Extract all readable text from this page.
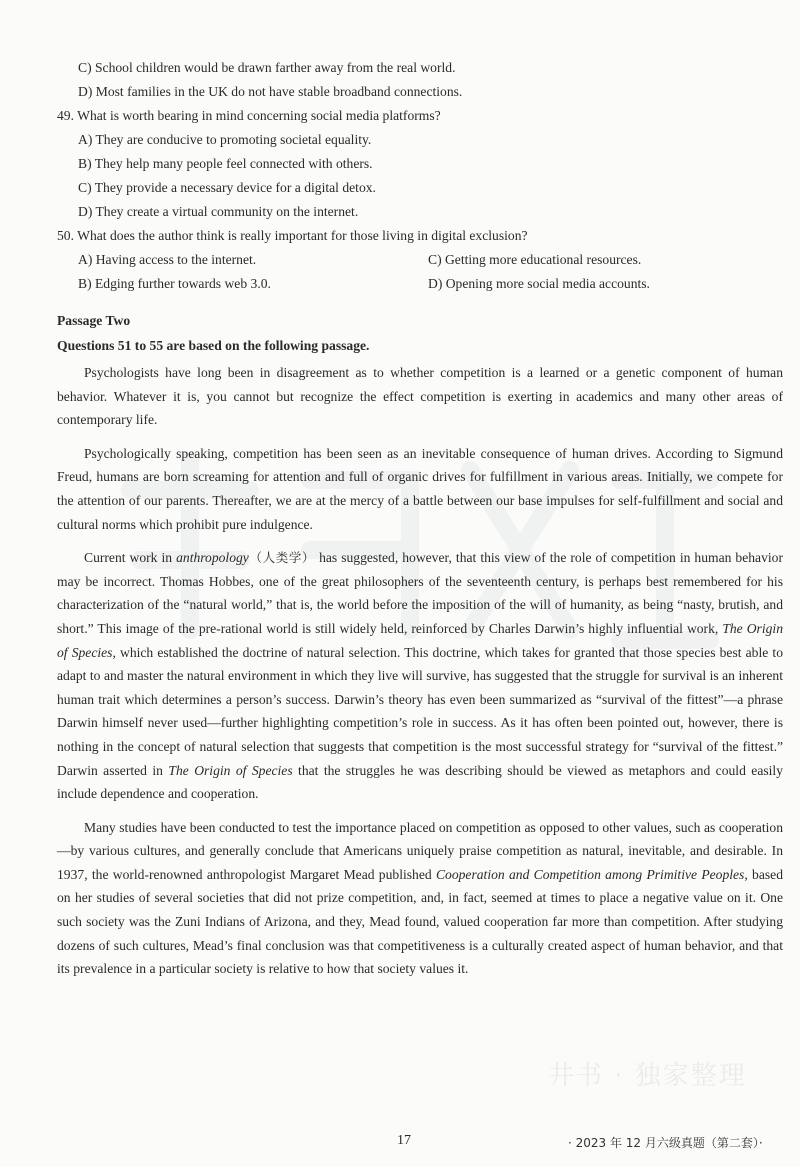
C) School children would be drawn farther away from the real world.
D) Most families in the UK do not have stable broadband connections.
49. What is worth bearing in mind concerning social media platforms?
A) They are conducive to promoting societal equality.
B) They help many people feel connected with others.
C) They provide a necessary device for a digital detox.
D) They create a virtual community on the internet.
50. What does the author think is really important for those living in digital exclusion?
A) Having access to the internet.	C) Getting more educational resources.
B) Edging further towards web 3.0.	D) Opening more social media accounts.
Passage Two
Questions 51 to 55 are based on the following passage.

Psychologists have long been in disagreement as to whether competition is a learned or a genetic component of human behavior. Whatever it is, you cannot but recognize the effect competition is exerting in academics and many other areas of contemporary life.

Psychologically speaking, competition has been seen as an inevitable consequence of human drives. According to Sigmund Freud, humans are born screaming for attention and full of organic drives for fulfillment in various areas. Initially, we compete for the attention of our parents. Thereafter, we are at the mercy of a battle between our base impulses for self-fulfillment and social and cultural norms which prohibit pure indulgence.

Current work in anthropology（人类学） has suggested, however, that this view of the role of competition in human behavior may be incorrect. Thomas Hobbes, one of the great philosophers of the seventeenth century, is perhaps best remembered for his characterization of the “natural world,” that is, the world before the imposition of the will of humanity, as being “nasty, brutish, and short.” This image of the pre-rational world is still widely held, reinforced by Charles Darwin’s highly influential work, The Origin of Species, which established the doctrine of natural selection. This doctrine, which takes for granted that those species best able to adapt to and master the natural environment in which they live will survive, has suggested that the struggle for survival is an inherent human trait which determines a person’s success. Darwin’s theory has even been summarized as “survival of the fittest”—a phrase Darwin himself never used—further highlighting competition’s role in success. As it has often been pointed out, however, there is nothing in the concept of natural selection that suggests that competition is the most successful strategy for “survival of the fittest.” Darwin asserted in The Origin of Species that the struggles he was describing should be viewed as metaphors and could easily include dependence and cooperation.

Many studies have been conducted to test the importance placed on competition as opposed to other values, such as cooperation—by various cultures, and generally conclude that Americans uniquely praise competition as natural, inevitable, and desirable. In 1937, the world-renowned anthropologist Margaret Mead published Cooperation and Competition among Primitive Peoples, based on her studies of several societies that did not prize competition, and, in fact, seemed at times to place a negative value on it. One such society was the Zuni Indians of Arizona, and they, Mead found, valued cooperation far more than competition. After studying dozens of such cultures, Mead’s final conclusion was that competitiveness is a culturally created aspect of human behavior, and that its prevalence in a particular society is relative to how that society values it.

井书 · 独家整理
17	· 2023 年 12 月六级真题（第二套）·
